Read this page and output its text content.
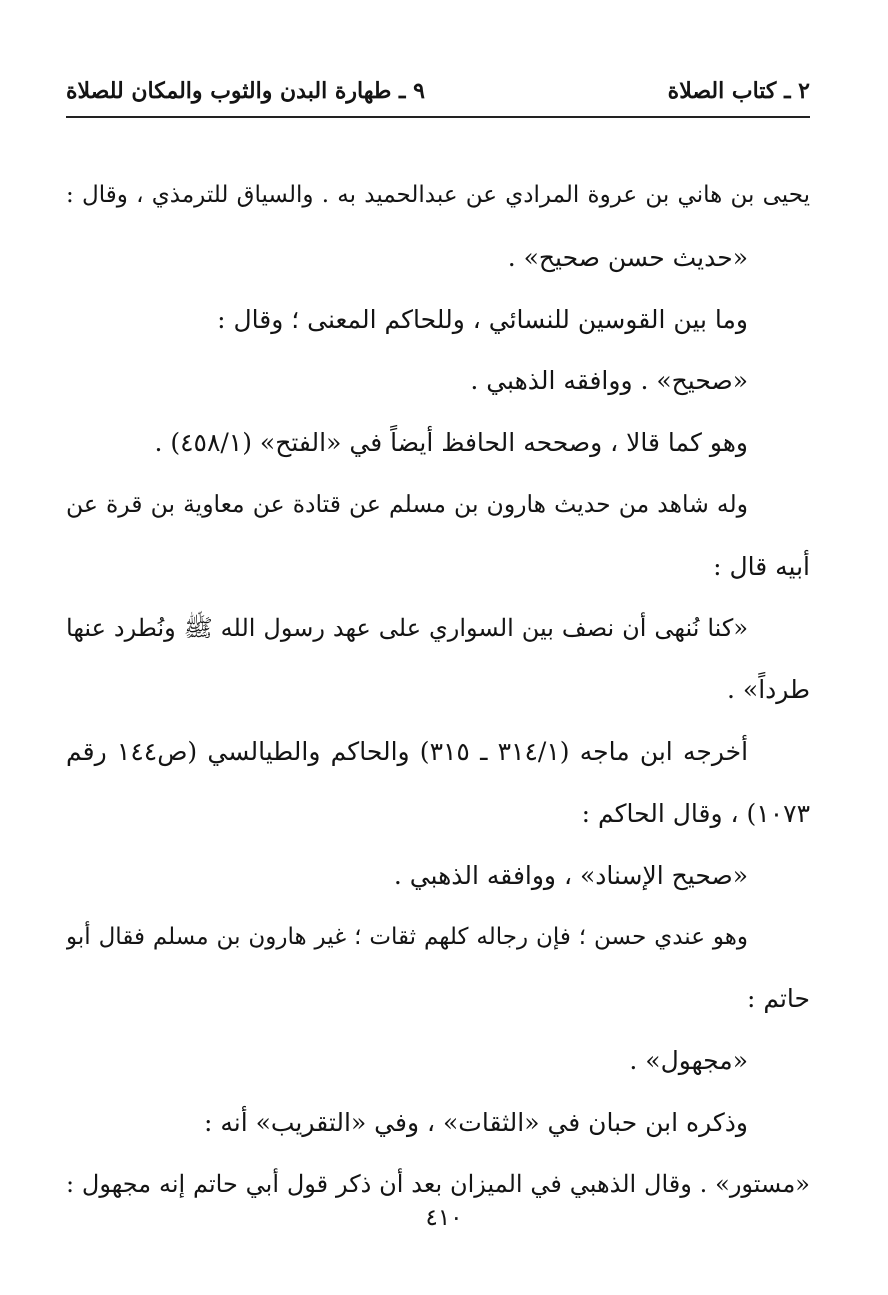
٢ ـ كتاب الصلاة
٩ ـ طهارة البدن والثوب والمكان للصلاة
يحيى بن هاني بن عروة المرادي عن عبدالحميد به . والسياق للترمذي ، وقال :
«حديث حسن صحيح» .
وما بين القوسين للنسائي ، وللحاكم المعنى ؛ وقال :
«صحيح» . ووافقه الذهبي .
وهو كما قالا ، وصححه الحافظ أيضاً في «الفتح» (٤٥٨/١) .
وله شاهد من حديث هارون بن مسلم عن قتادة عن معاوية بن قرة عن
أبيه قال :
«كنا نُنهى أن نصف بين السواري على عهد رسول الله ﷺ ونُطرد عنها
طرداً» .
أخرجه ابن ماجه (٣١٤/١ ـ ٣١٥) والحاكم والطيالسي (ص١٤٤ رقم
١٠٧٣) ، وقال الحاكم :
«صحيح الإسناد» ، ووافقه الذهبي .
وهو عندي حسن ؛ فإن رجاله كلهم ثقات ؛ غير هارون بن مسلم فقال أبو
حاتم :
«مجهول» .
وذكره ابن حبان في «الثقات» ، وفي «التقريب» أنه :
«مستور» . وقال الذهبي في الميزان بعد أن ذكر قول أبي حاتم إنه مجهول :
٤١٠
